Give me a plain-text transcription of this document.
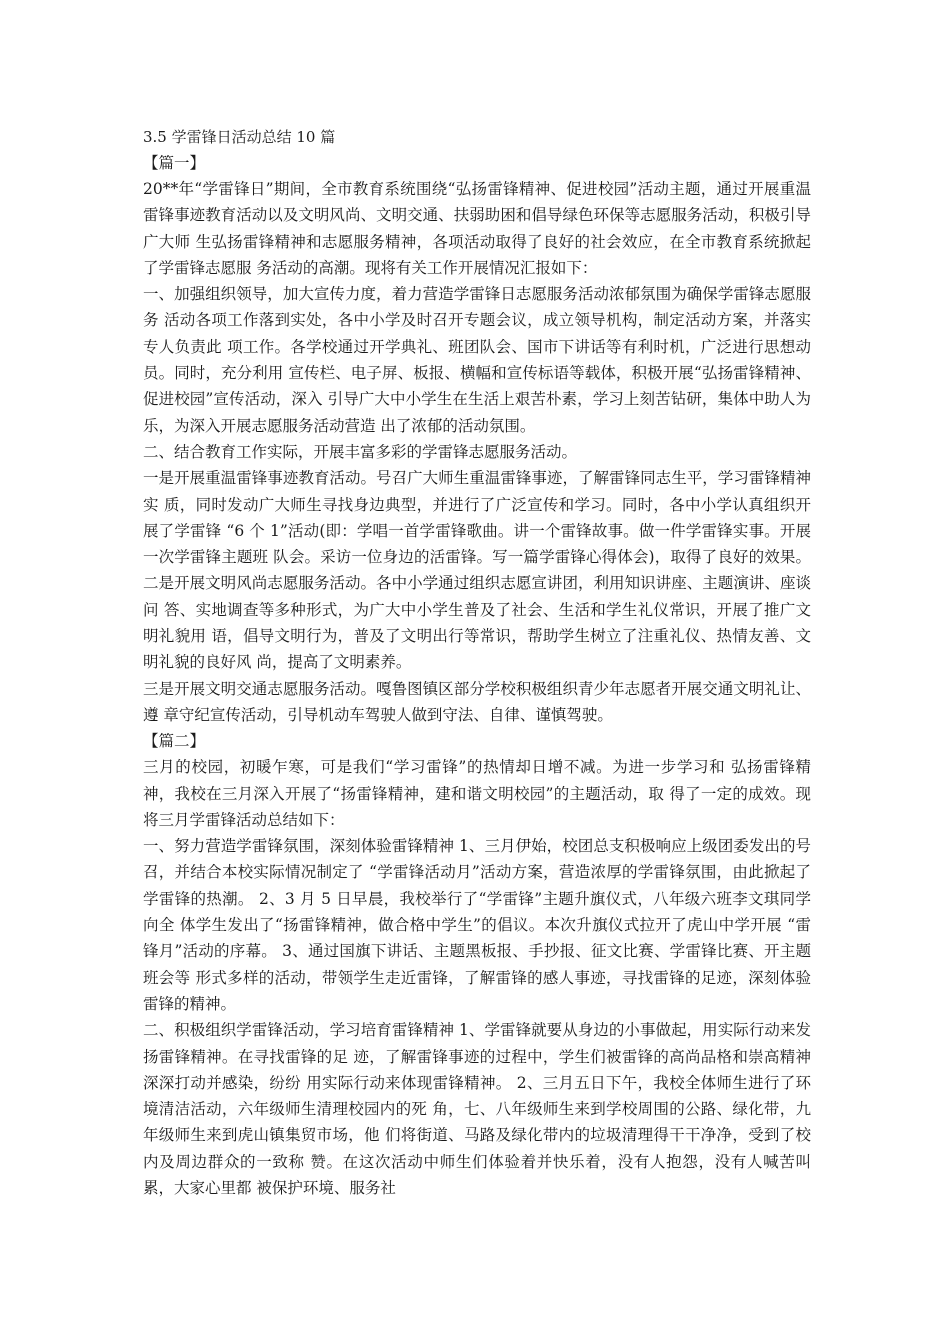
3.5 学雷锋日活动总结 10 篇

【篇一】

20**年“学雷锋日”期间，全市教育系统围绕“弘扬雷锋精神、促进校园”活动主题，通过开展重温 雷锋事迹教育活动以及文明风尚、文明交通、扶弱助困和倡导绿色环保等志愿服务活动，积极引导广大师 生弘扬雷锋精神和志愿服务精神，各项活动取得了良好的社会效应，在全市教育系统掀起了学雷锋志愿服 务活动的高潮。现将有关工作开展情况汇报如下：

一、加强组织领导，加大宣传力度，着力营造学雷锋日志愿服务活动浓郁氛围为确保学雷锋志愿服务 活动各项工作落到实处，各中小学及时召开专题会议，成立领导机构，制定活动方案，并落实专人负责此 项工作。各学校通过开学典礼、班团队会、国市下讲话等有利时机，广泛进行思想动员。同时，充分利用 宣传栏、电子屏、板报、横幅和宣传标语等载体，积极开展“弘扬雷锋精神、促进校园”宣传活动，深入 引导广大中小学生在生活上艰苦朴素，学习上刻苦钻研，集体中助人为乐，为深入开展志愿服务活动营造 出了浓郁的活动氛围。

二、结合教育工作实际，开展丰富多彩的学雷锋志愿服务活动。

一是开展重温雷锋事迹教育活动。号召广大师生重温雷锋事迹，了解雷锋同志生平，学习雷锋精神实 质，同时发动广大师生寻找身边典型，并进行了广泛宣传和学习。同时，各中小学认真组织开展了学雷锋 “6 个 1”活动(即：学唱一首学雷锋歌曲。讲一个雷锋故事。做一件学雷锋实事。开展一次学雷锋主题班 队会。采访一位身边的活雷锋。写一篇学雷锋心得体会)，取得了良好的效果。 二是开展文明风尚志愿服务活动。各中小学通过组织志愿宣讲团，利用知识讲座、主题演讲、座谈问 答、实地调查等多种形式，为广大中小学生普及了社会、生活和学生礼仪常识，开展了推广文明礼貌用 语，倡导文明行为，普及了文明出行等常识，帮助学生树立了注重礼仪、热情友善、文明礼貌的良好风 尚，提高了文明素养。

三是开展文明交通志愿服务活动。嘎鲁图镇区部分学校积极组织青少年志愿者开展交通文明礼让、遵 章守纪宣传活动，引导机动车驾驶人做到守法、自律、谨慎驾驶。

【篇二】

三月的校园，初暖乍寒，可是我们“学习雷锋”的热情却日增不减。为进一步学习和 弘扬雷锋精神，我校在三月深入开展了“扬雷锋精神，建和谐文明校园”的主题活动，取 得了一定的成效。现将三月学雷锋活动总结如下：

一、努力营造学雷锋氛围，深刻体验雷锋精神 1、三月伊始，校团总支积极响应上级团委发出的号召，并结合本校实际情况制定了 “学雷锋活动月”活动方案，营造浓厚的学雷锋氛围，由此掀起了学雷锋的热潮。 2、3 月 5 日早晨，我校举行了“学雷锋”主题升旗仪式，八年级六班李文琪同学向全 体学生发出了“扬雷锋精神，做合格中学生”的倡议。本次升旗仪式拉开了虎山中学开展 “雷锋月”活动的序幕。 3、通过国旗下讲话、主题黑板报、手抄报、征文比赛、学雷锋比赛、开主题班会等 形式多样的活动，带领学生走近雷锋，了解雷锋的感人事迹，寻找雷锋的足迹，深刻体验 雷锋的精神。

二、积极组织学雷锋活动，学习培育雷锋精神 1、学雷锋就要从身边的小事做起，用实际行动来发扬雷锋精神。在寻找雷锋的足 迹，了解雷锋事迹的过程中，学生们被雷锋的高尚品格和崇高精神深深打动并感染，纷纷 用实际行动来体现雷锋精神。 2、三月五日下午，我校全体师生进行了环境清洁活动，六年级师生清理校园内的死 角，七、八年级师生来到学校周围的公路、绿化带，九年级师生来到虎山镇集贸市场，他 们将街道、马路及绿化带内的垃圾清理得干干净净，受到了校内及周边群众的一致称 赞。在这次活动中师生们体验着并快乐着，没有人抱怨，没有人喊苦叫累，大家心里都 被保护环境、服务社
